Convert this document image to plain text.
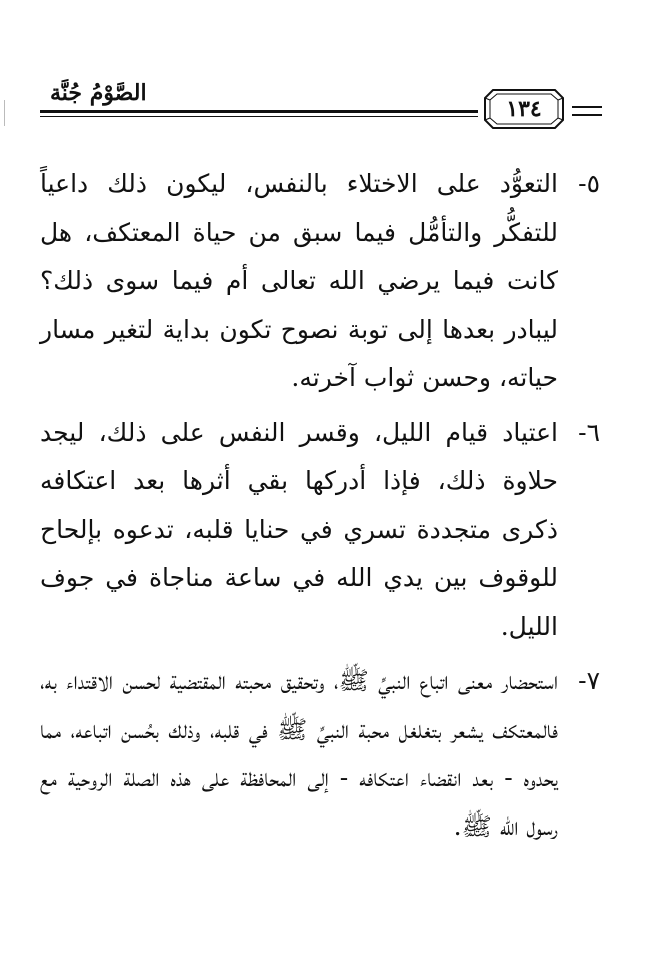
الصَّوْمُ جُنَّة
١٣٤
٥-
التعوُّد على الاختلاء بالنفس، ليكون ذلك داعياً للتفكُّر والتأمُّل فيما سبق من حياة المعتكف، هل كانت فيما يرضي الله تعالى أم فيما سوى ذلك؟ ليبادر بعدها إلى توبة نصوح تكون بداية لتغير مسار حياته، وحسن ثواب آخرته.
٦-
اعتياد قيام الليل، وقسر النفس على ذلك، ليجد حلاوة ذلك، فإذا أدركها بقي أثرها بعد اعتكافه ذكرى متجددة تسري في حنايا قلبه، تدعوه بإلحاح للوقوف بين يدي الله في ساعة مناجاة في جوف الليل.
٧-
استحضار معنى اتباع النبيِّ ﷺ، وتحقيق محبته المقتضية لحسن الاقتداء به، فالمعتكف يشعر بتغلغل محبة النبيِّ ﷺ في قلبه، وذلك بحُسن اتباعه، مما يحدوه - بعد انقضاء اعتكافه - إلى المحافظة على هذه الصلة الروحية مع رسول الله ﷺ.
